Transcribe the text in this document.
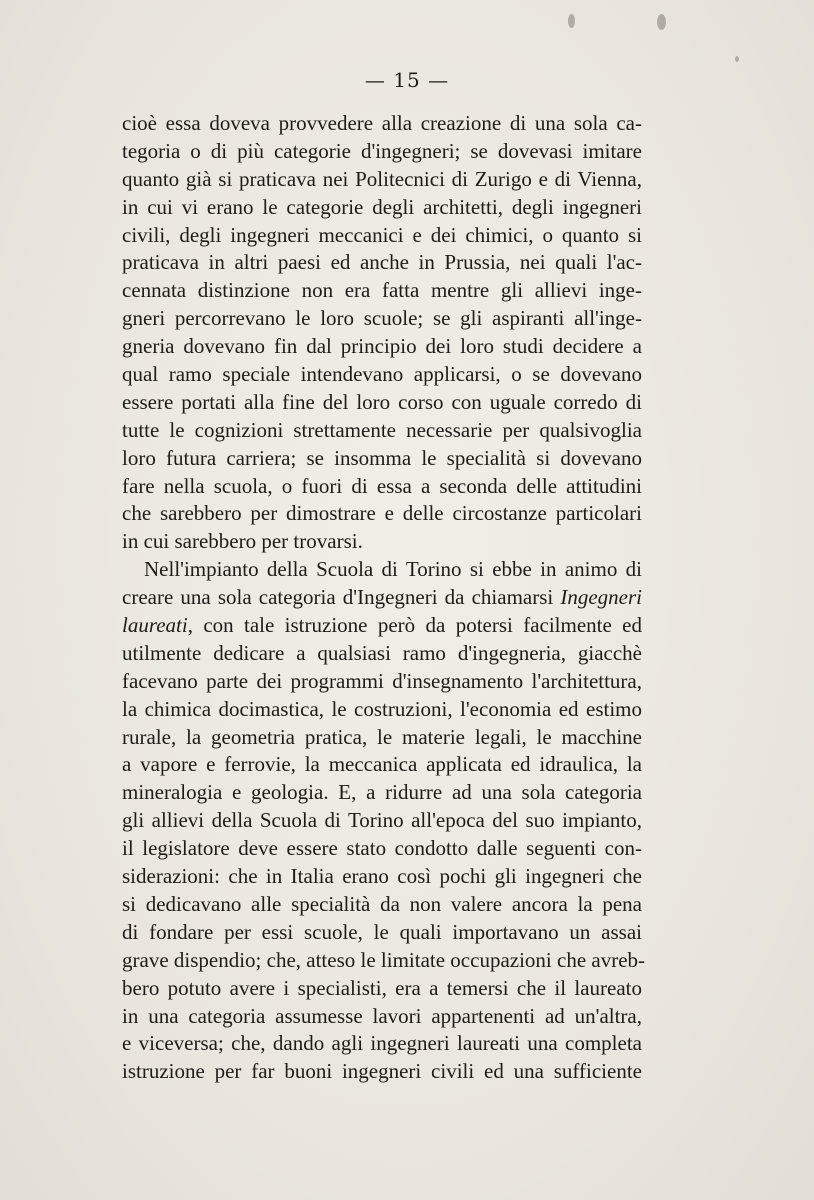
— 15 —
cioè essa doveva provvedere alla creazione di una sola ca-
tegoria o di più categorie d'ingegneri; se dovevasi imitare
quanto già si praticava nei Politecnici di Zurigo e di Vienna,
in cui vi erano le categorie degli architetti, degli ingegneri
civili, degli ingegneri meccanici e dei chimici, o quanto si
praticava in altri paesi ed anche in Prussia, nei quali l'ac-
cennata distinzione non era fatta mentre gli allievi inge-
gneri percorrevano le loro scuole; se gli aspiranti all'inge-
gneria dovevano fin dal principio dei loro studi decidere a
qual ramo speciale intendevano applicarsi, o se dovevano
essere portati alla fine del loro corso con uguale corredo di
tutte le cognizioni strettamente necessarie per qualsivoglia
loro futura carriera; se insomma le specialità si dovevano
fare nella scuola, o fuori di essa a seconda delle attitudini
che sarebbero per dimostrare e delle circostanze particolari
in cui sarebbero per trovarsi.
Nell'impianto della Scuola di Torino si ebbe in animo di
creare una sola categoria d'Ingegneri da chiamarsi Ingegneri
laureati, con tale istruzione però da potersi facilmente ed
utilmente dedicare a qualsiasi ramo d'ingegneria, giacchè
facevano parte dei programmi d'insegnamento l'architettura,
la chimica docimastica, le costruzioni, l'economia ed estimo
rurale, la geometria pratica, le materie legali, le macchine
a vapore e ferrovie, la meccanica applicata ed idraulica, la
mineralogia e geologia. E, a ridurre ad una sola categoria
gli allievi della Scuola di Torino all'epoca del suo impianto,
il legislatore deve essere stato condotto dalle seguenti con-
siderazioni: che in Italia erano così pochi gli ingegneri che
si dedicavano alle specialità da non valere ancora la pena
di fondare per essi scuole, le quali importavano un assai
grave dispendio; che, atteso le limitate occupazioni che avreb-
bero potuto avere i specialisti, era a temersi che il laureato
in una categoria assumesse lavori appartenenti ad un'altra,
e viceversa; che, dando agli ingegneri laureati una completa
istruzione per far buoni ingegneri civili ed una sufficiente
